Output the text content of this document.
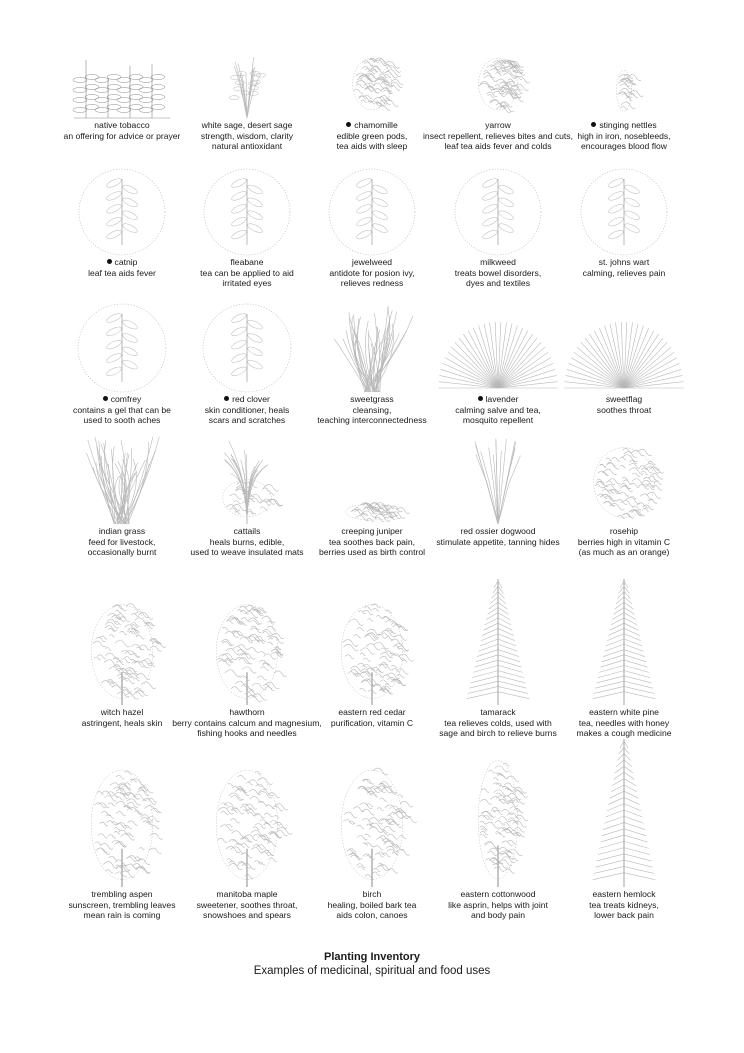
native tobacco
an offering for advice or prayer
white sage, desert sage
strength, wisdom, clarity
natural antioxidant
chamomille
edible green pods,
tea aids with sleep
yarrow
insect repellent, relieves bites and cuts,
leaf tea aids fever and colds
stinging nettles
high in iron, nosebleeds,
encourages blood flow
catnip
leaf tea aids fever
fleabane
tea can be applied to aid
irritated eyes
jewelweed
antidote for posion ivy,
relieves redness
milkweed
treats bowel disorders,
dyes and textiles
st. johns wart
calming, relieves pain
comfrey
contains a gel that can be
used to sooth aches
red clover
skin conditioner, heals
scars and scratches
sweetgrass
cleansing,
teaching interconnectedness
lavender
calming salve and tea,
mosquito repellent
sweetflag
soothes throat
indian grass
feed for livestock,
occasionally burnt
cattails
heals burns, edible,
used to weave insulated mats
creeping juniper
tea soothes back pain,
berries used as birth control
red ossier dogwood
stimulate appetite, tanning hides
rosehip
berries high in vitamin C
(as much as an orange)
witch hazel
astringent, heals skin
hawthorn
berry contains calcum and magnesium,
fishing hooks and needles
eastern red cedar
purification, vitamin C
tamarack
tea relieves colds, used with
sage and birch to relieve burns
eastern white pine
tea, needles with honey
makes a cough medicine
trembling aspen
sunscreen, trembling leaves
mean rain is coming
manitoba maple
sweetener, soothes throat,
snowshoes and spears
birch
healing, boiled bark tea
aids colon, canoes
eastern cottonwood
like asprin, helps with joint
and body pain
eastern hemlock
tea treats kidneys,
lower back pain
Planting Inventory
Examples of medicinal, spiritual and food uses
